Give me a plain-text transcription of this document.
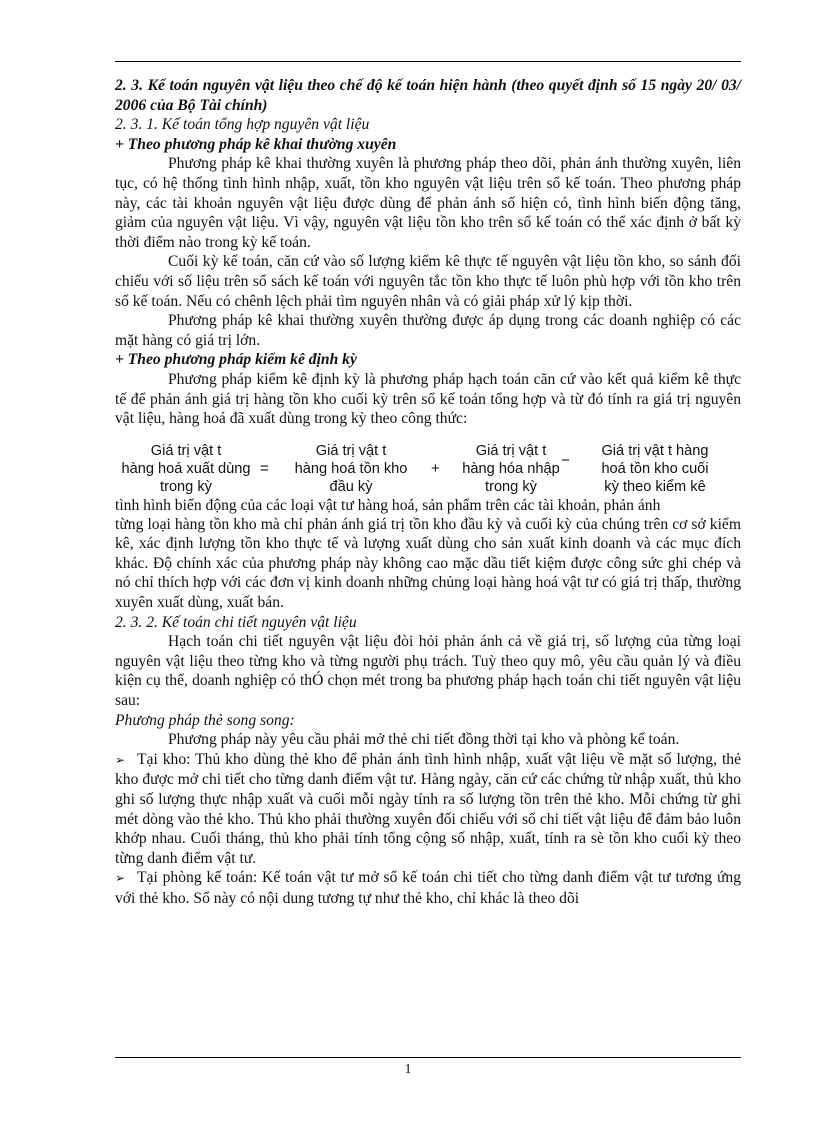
2. 3. Kế toán nguyên vật liệu theo chế độ kế toán hiện hành (theo quyết định số 15 ngày 20/ 03/ 2006 của Bộ Tài chính)

2. 3. 1. Kế toán tổng hợp nguyên vật liệu

+ Theo phương pháp kê khai thường xuyên

Phương pháp kê khai thường xuyên là phương pháp theo dõi, phản ánh thường xuyên, liên tục, có hệ thống tình hình nhập, xuất, tồn kho nguyên vật liệu trên sổ kế toán. Theo phương pháp này, các tài khoản nguyên vật liệu được dùng để phản ánh số hiện có, tình hình biến động tăng, giảm của nguyên vật liệu. Vì vậy, nguyên vật liệu tồn kho trên sổ kế toán có thể xác định ở bất kỳ thời điểm nào trong kỳ kế toán.

Cuối kỳ kế toán, căn cứ vào số lượng kiểm kê thực tế nguyên vật liệu tồn kho, so sánh đối chiếu với số liệu trên sổ sách kế toán với nguyên tắc tồn kho thực tế luôn phù hợp với tồn kho trên sổ kế toán. Nếu có chênh lệch phải tìm nguyên nhân và có giải pháp xử lý kịp thời.

Phương pháp kê khai thường xuyên thường được áp dụng trong các doanh nghiệp có các mặt hàng có giá trị lớn.

+ Theo phương pháp kiểm kê định kỳ

Phương pháp kiểm kê định kỳ là phương pháp hạch toán căn cứ vào kết quả kiểm kê thực tế để phản ánh giá trị hàng tồn kho cuối kỳ trên sổ kế toán tổng hợp và từ đó tính ra giá trị nguyên vật liệu, hàng hoá đã xuất dùng trong kỳ theo công thức:

Giá trị vật t
hàng hoá xuất dùng
trong kỳ
=
Giá trị vật t
hàng hoá tồn kho
đầu kỳ
+
Giá trị vật t
hàng hóa nhập
trong kỳ
−
Giá trị vật t hàng
hoá tồn kho cuối
kỳ theo kiểm kê

tình hình biến động của các loại vật tư hàng hoá, sản phẩm trên các tài khoản, phản ánh

từng loại hàng tồn kho mà chỉ phản ánh giá trị tồn kho đầu kỳ và cuối kỳ của chúng trên cơ sở kiểm kê, xác định lượng tồn kho thực tế và lượng xuất dùng cho sản xuất kinh doanh và các mục đích khác. Độ chính xác của phương pháp này không cao mặc dầu tiết kiệm được công sức ghi chép và nó chỉ thích hợp với các đơn vị kinh doanh những chủng loại hàng hoá vật tư có giá trị thấp, thường xuyên xuất dùng, xuất bán.

2. 3. 2. Kế toán chi tiết nguyên vật liệu

Hạch toán chi tiết nguyên vật liệu đòi hỏi phản ánh cả về giá trị, số lượng của từng loại nguyên vật liệu theo từng kho và từng người phụ trách. Tuỳ theo quy mô, yêu cầu quản lý và điều kiện cụ thể, doanh nghiệp có thÓ chọn mét trong ba phương pháp hạch toán chi tiết nguyên vật liệu sau:

Phương pháp thẻ song song:

Phương pháp này yêu cầu phải mở thẻ chi tiết đồng thời tại kho và phòng kế toán.

➢ Tại kho: Thủ kho dùng thẻ kho để phản ánh tình hình nhập, xuất vật liệu về mặt số lượng, thẻ kho được mở chi tiết cho từng danh điểm vật tư. Hàng ngày, căn cứ các chứng từ nhập xuất, thủ kho ghi số lượng thực nhập xuất và cuối mỗi ngày tính ra số lượng tồn trên thẻ kho. Mỗi chứng từ ghi mét dòng vào thẻ kho. Thủ kho phải thường xuyên đối chiếu với sổ chi tiết vật liệu để đảm bảo luôn khớp nhau. Cuối tháng, thủ kho phải tính tổng cộng số nhập, xuất, tính ra sè tồn kho cuối kỳ theo từng danh điểm vật tư.

➢ Tại phòng kế toán: Kế toán vật tư mở sổ kế toán chi tiết cho từng danh điểm vật tư tương ứng với thẻ kho. Sổ này có nội dung tương tự như thẻ kho, chỉ khác là theo dõi

1
